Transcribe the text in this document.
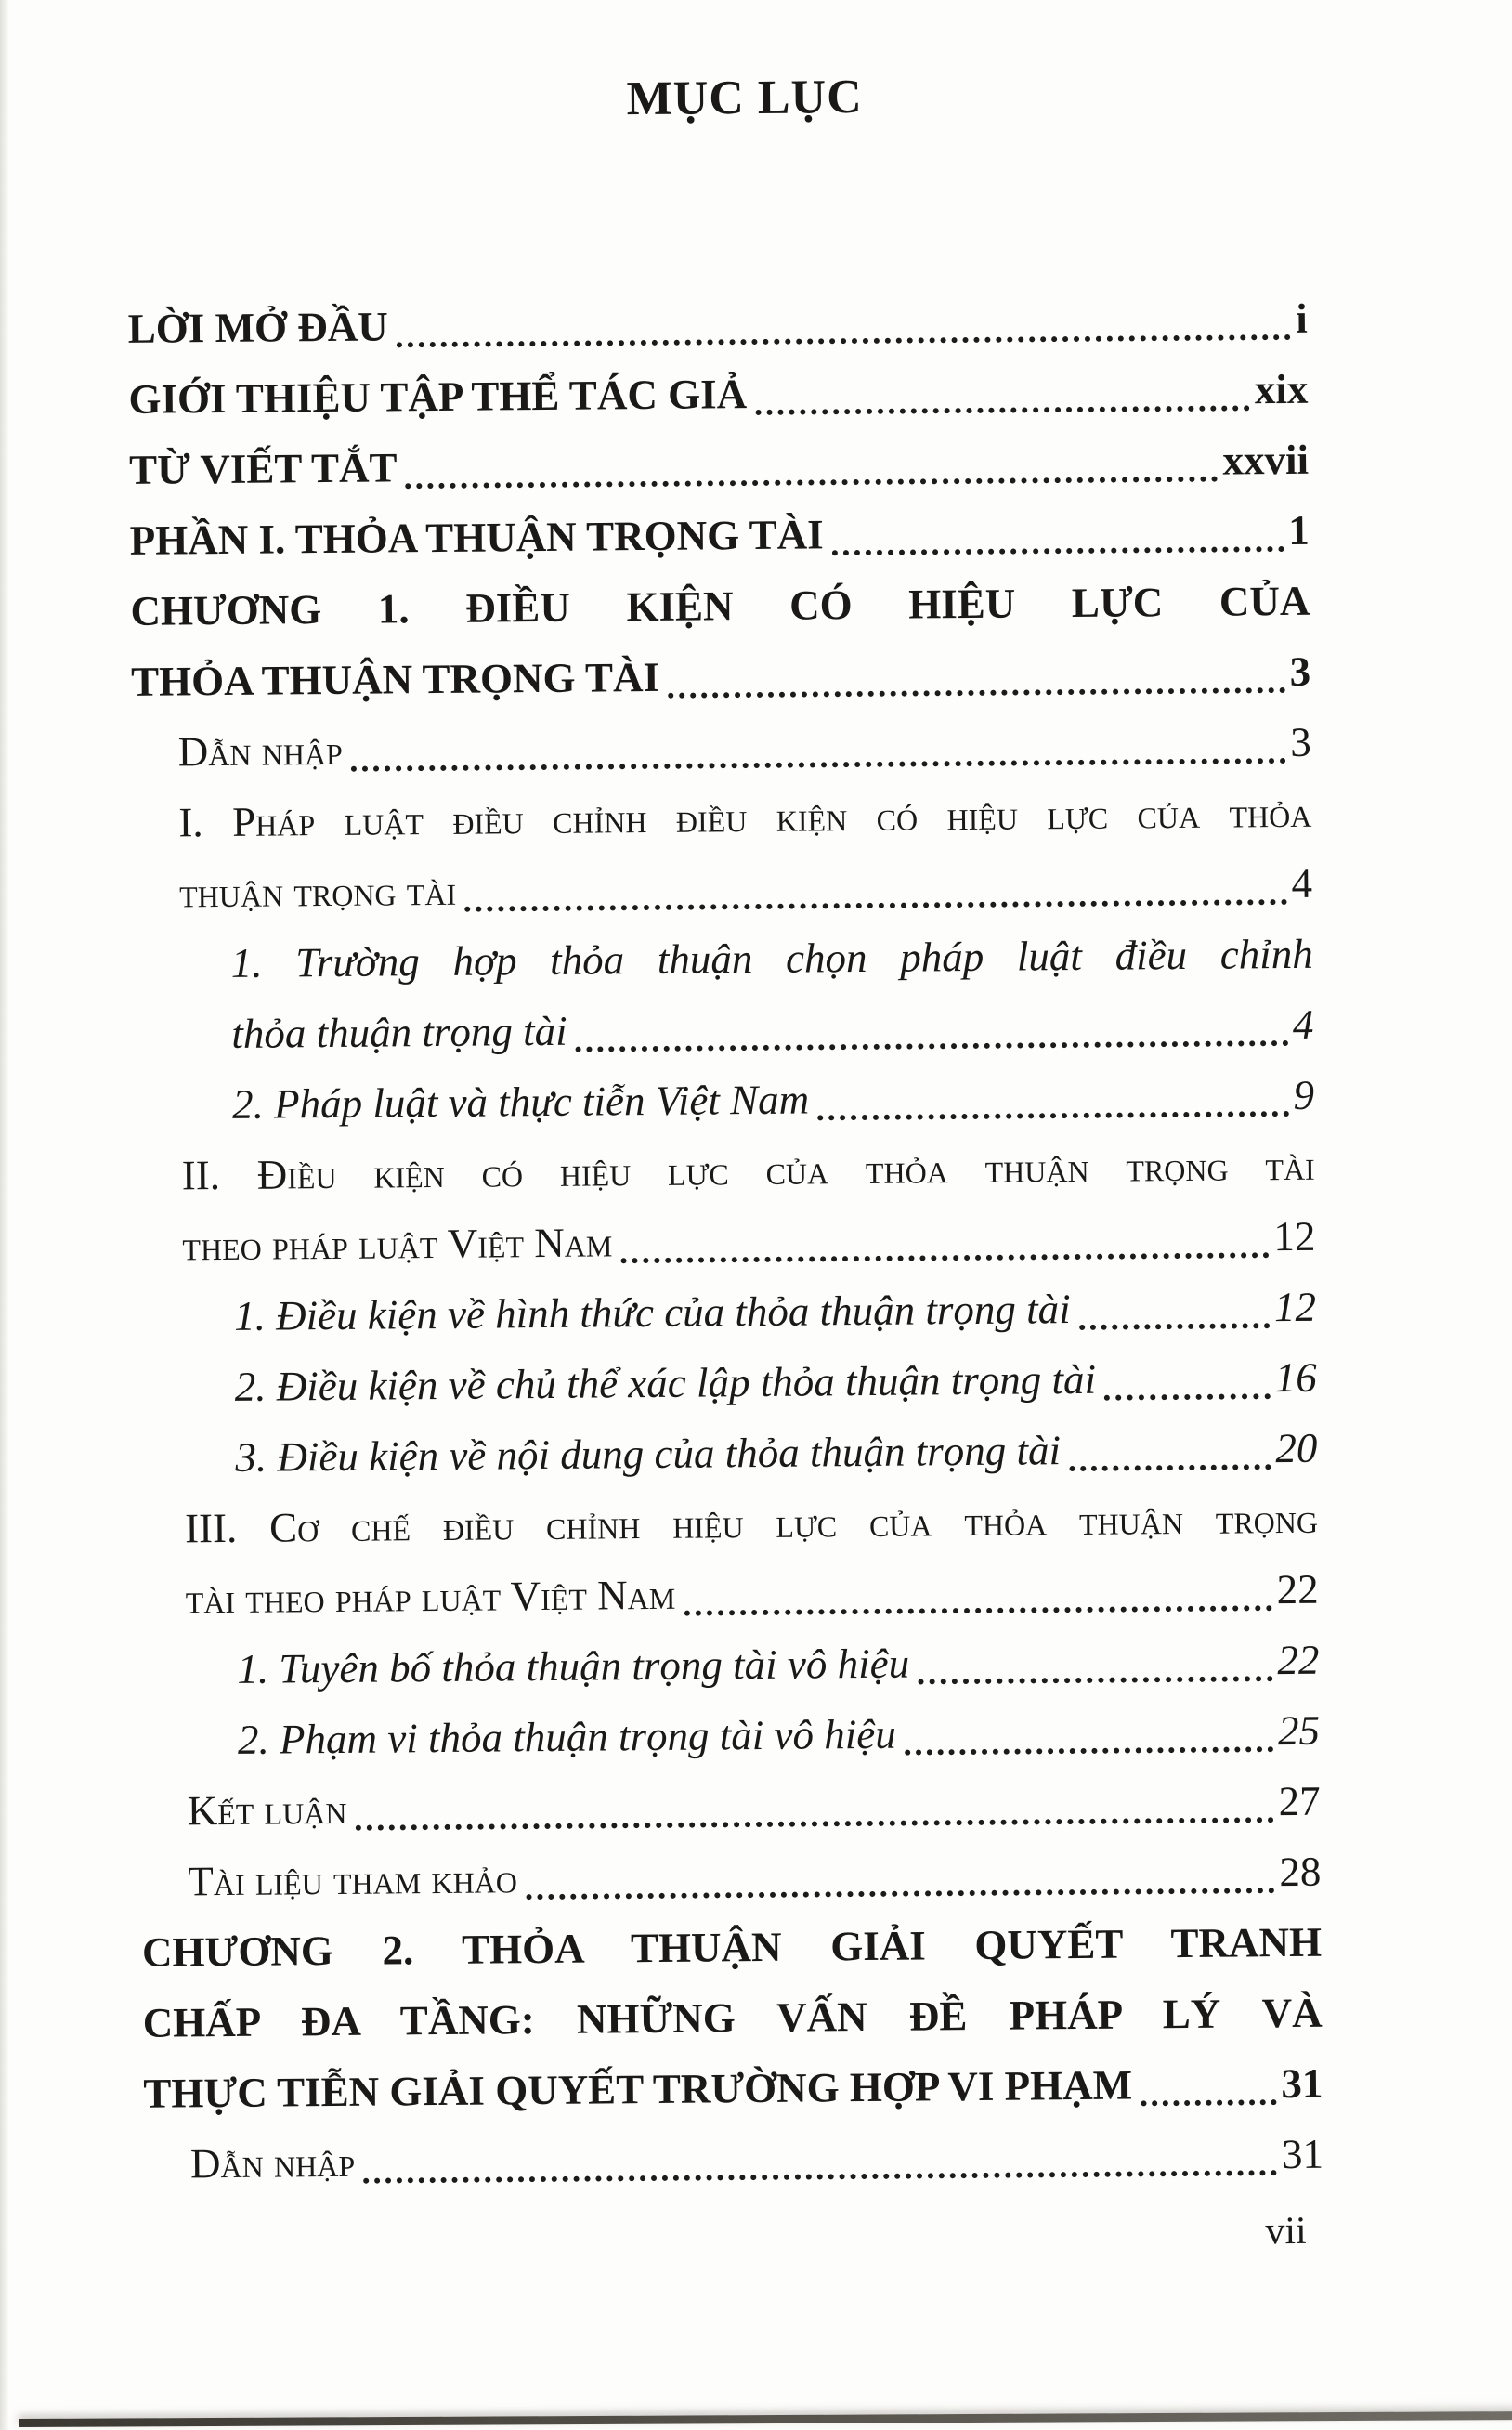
MỤC LỤC
LỜI MỞ ĐẦU	i
GIỚI THIỆU TẬP THỂ TÁC GIẢ	xix
TỪ VIẾT TẮT	xxvii
PHẦN I. THỎA THUẬN TRỌNG TÀI	1
CHƯƠNG 1. ĐIỀU KIỆN CÓ HIỆU LỰC CỦA
THỎA THUẬN TRỌNG TÀI	3
Dẫn nhập	3
I. Pháp luật điều chỉnh điều kiện có hiệu lực của thỏa
thuận trọng tài	4
1. Trường hợp thỏa thuận chọn pháp luật điều chỉnh
thỏa thuận trọng tài	4
2. Pháp luật và thực tiễn Việt Nam	9
II. Điều kiện có hiệu lực của thỏa thuận trọng tài
theo pháp luật Việt Nam	12
1. Điều kiện về hình thức của thỏa thuận trọng tài	12
2. Điều kiện về chủ thể xác lập thỏa thuận trọng tài	16
3. Điều kiện về nội dung của thỏa thuận trọng tài	20
III. Cơ chế điều chỉnh hiệu lực của thỏa thuận trọng
tài theo pháp luật Việt Nam	22
1. Tuyên bố thỏa thuận trọng tài vô hiệu	22
2. Phạm vi thỏa thuận trọng tài vô hiệu	25
Kết luận	27
Tài liệu tham khảo	28
CHƯƠNG 2. THỎA THUẬN GIẢI QUYẾT TRANH
CHẤP ĐA TẦNG: NHỮNG VẤN ĐỀ PHÁP LÝ VÀ
THỰC TIỄN GIẢI QUYẾT TRƯỜNG HỢP VI PHẠM	31
Dẫn nhập	31
vii
